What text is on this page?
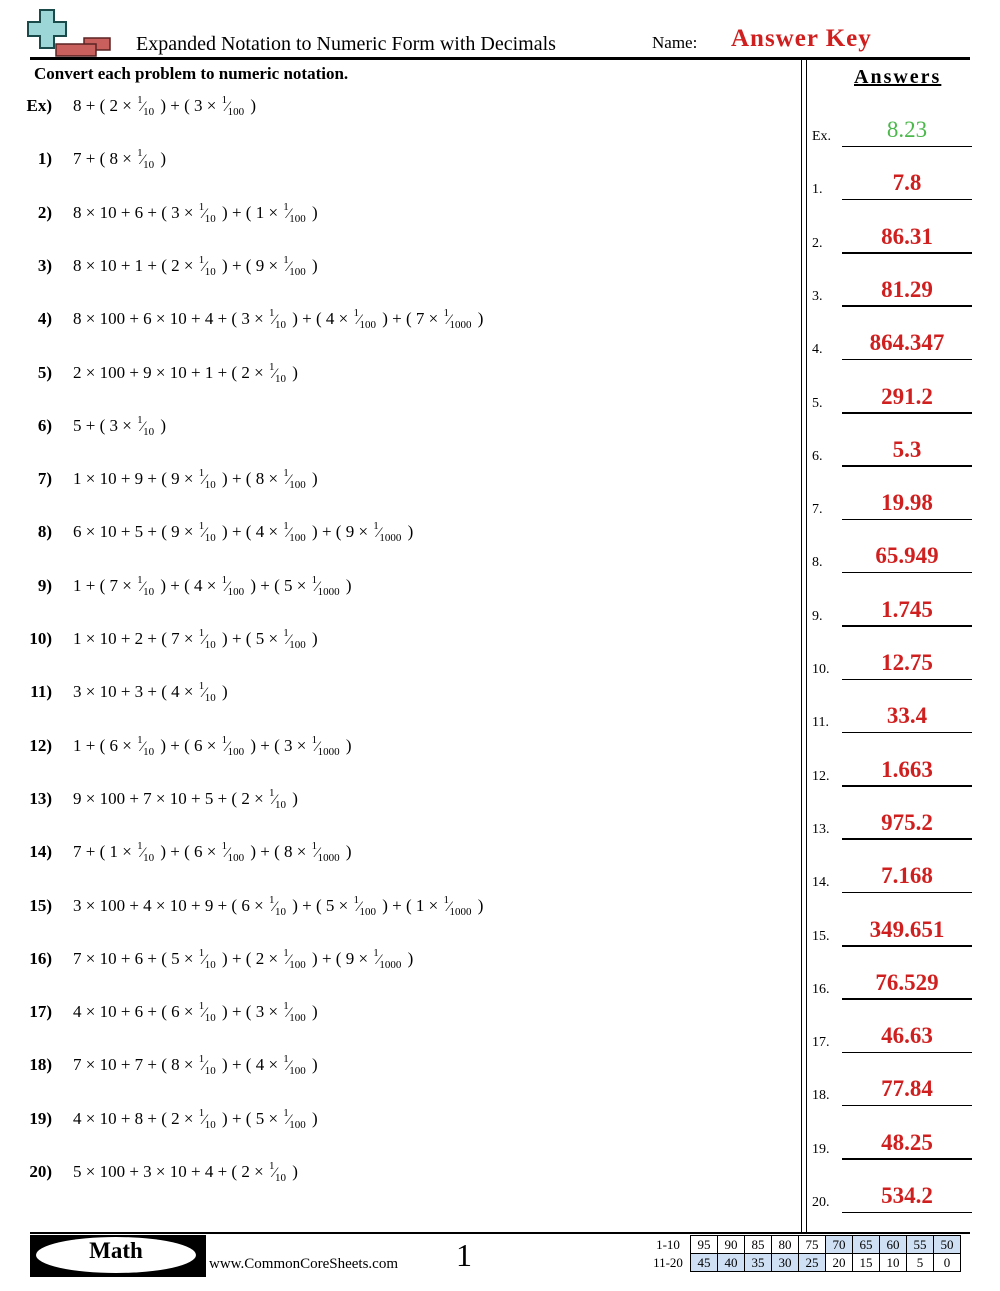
Expanded Notation to Numeric Form with Decimals	Name: Answer Key
Convert each problem to numeric notation.
Ex) 8 + ( 2 × 1⁄10 ) + ( 3 × 1⁄100 )
1) 7 + ( 8 × 1⁄10 )
2) 8 × 10 + 6 + ( 3 × 1⁄10 ) + ( 1 × 1⁄100 )
3) 8 × 10 + 1 + ( 2 × 1⁄10 ) + ( 9 × 1⁄100 )
4) 8 × 100 + 6 × 10 + 4 + ( 3 × 1⁄10 ) + ( 4 × 1⁄100 ) + ( 7 × 1⁄1000 )
5) 2 × 100 + 9 × 10 + 1 + ( 2 × 1⁄10 )
6) 5 + ( 3 × 1⁄10 )
7) 1 × 10 + 9 + ( 9 × 1⁄10 ) + ( 8 × 1⁄100 )
8) 6 × 10 + 5 + ( 9 × 1⁄10 ) + ( 4 × 1⁄100 ) + ( 9 × 1⁄1000 )
9) 1 + ( 7 × 1⁄10 ) + ( 4 × 1⁄100 ) + ( 5 × 1⁄1000 )
10) 1 × 10 + 2 + ( 7 × 1⁄10 ) + ( 5 × 1⁄100 )
11) 3 × 10 + 3 + ( 4 × 1⁄10 )
12) 1 + ( 6 × 1⁄10 ) + ( 6 × 1⁄100 ) + ( 3 × 1⁄1000 )
13) 9 × 100 + 7 × 10 + 5 + ( 2 × 1⁄10 )
14) 7 + ( 1 × 1⁄10 ) + ( 6 × 1⁄100 ) + ( 8 × 1⁄1000 )
15) 3 × 100 + 4 × 10 + 9 + ( 6 × 1⁄10 ) + ( 5 × 1⁄100 ) + ( 1 × 1⁄1000 )
16) 7 × 10 + 6 + ( 5 × 1⁄10 ) + ( 2 × 1⁄100 ) + ( 9 × 1⁄1000 )
17) 4 × 10 + 6 + ( 6 × 1⁄10 ) + ( 3 × 1⁄100 )
18) 7 × 10 + 7 + ( 8 × 1⁄10 ) + ( 4 × 1⁄100 )
19) 4 × 10 + 8 + ( 2 × 1⁄10 ) + ( 5 × 1⁄100 )
20) 5 × 100 + 3 × 10 + 4 + ( 2 × 1⁄10 )
Answers
Ex.	8.23
1.	7.8
2.	86.31
3.	81.29
4.	864.347
5.	291.2
6.	5.3
7.	19.98
8.	65.949
9.	1.745
10.	12.75
11.	33.4
12.	1.663
13.	975.2
14.	7.168
15.	349.651
16.	76.529
17.	46.63
18.	77.84
19.	48.25
20.	534.2
Math
www.CommonCoreSheets.com 1	1-10	95	90	85	80	75	70	65	60	55	50
11-20	45	40	35	30	25	20	15	10	5	0
